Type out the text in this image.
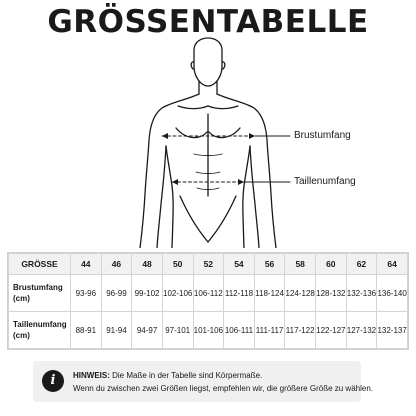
GRÖSSENTABELLE
Brustumfang
Taillenumfang
GRÖSSE	44	46	48	50	52	54	56	58	60	62	64
Brustumfang
(cm)	93-96	96-99	99-102	102-106	106-112	112-118	118-124	124-128	128-132	132-136	136-140
Taillenumfang
(cm)	88-91	91-94	94-97	97-101	101-106	106-111	111-117	117-122	122-127	127-132	132-137
i	HINWEIS: Die Maße in der Tabelle sind Körpermaße.
Wenn du zwischen zwei Größen liegst, empfehlen wir, die größere Größe zu wählen.
